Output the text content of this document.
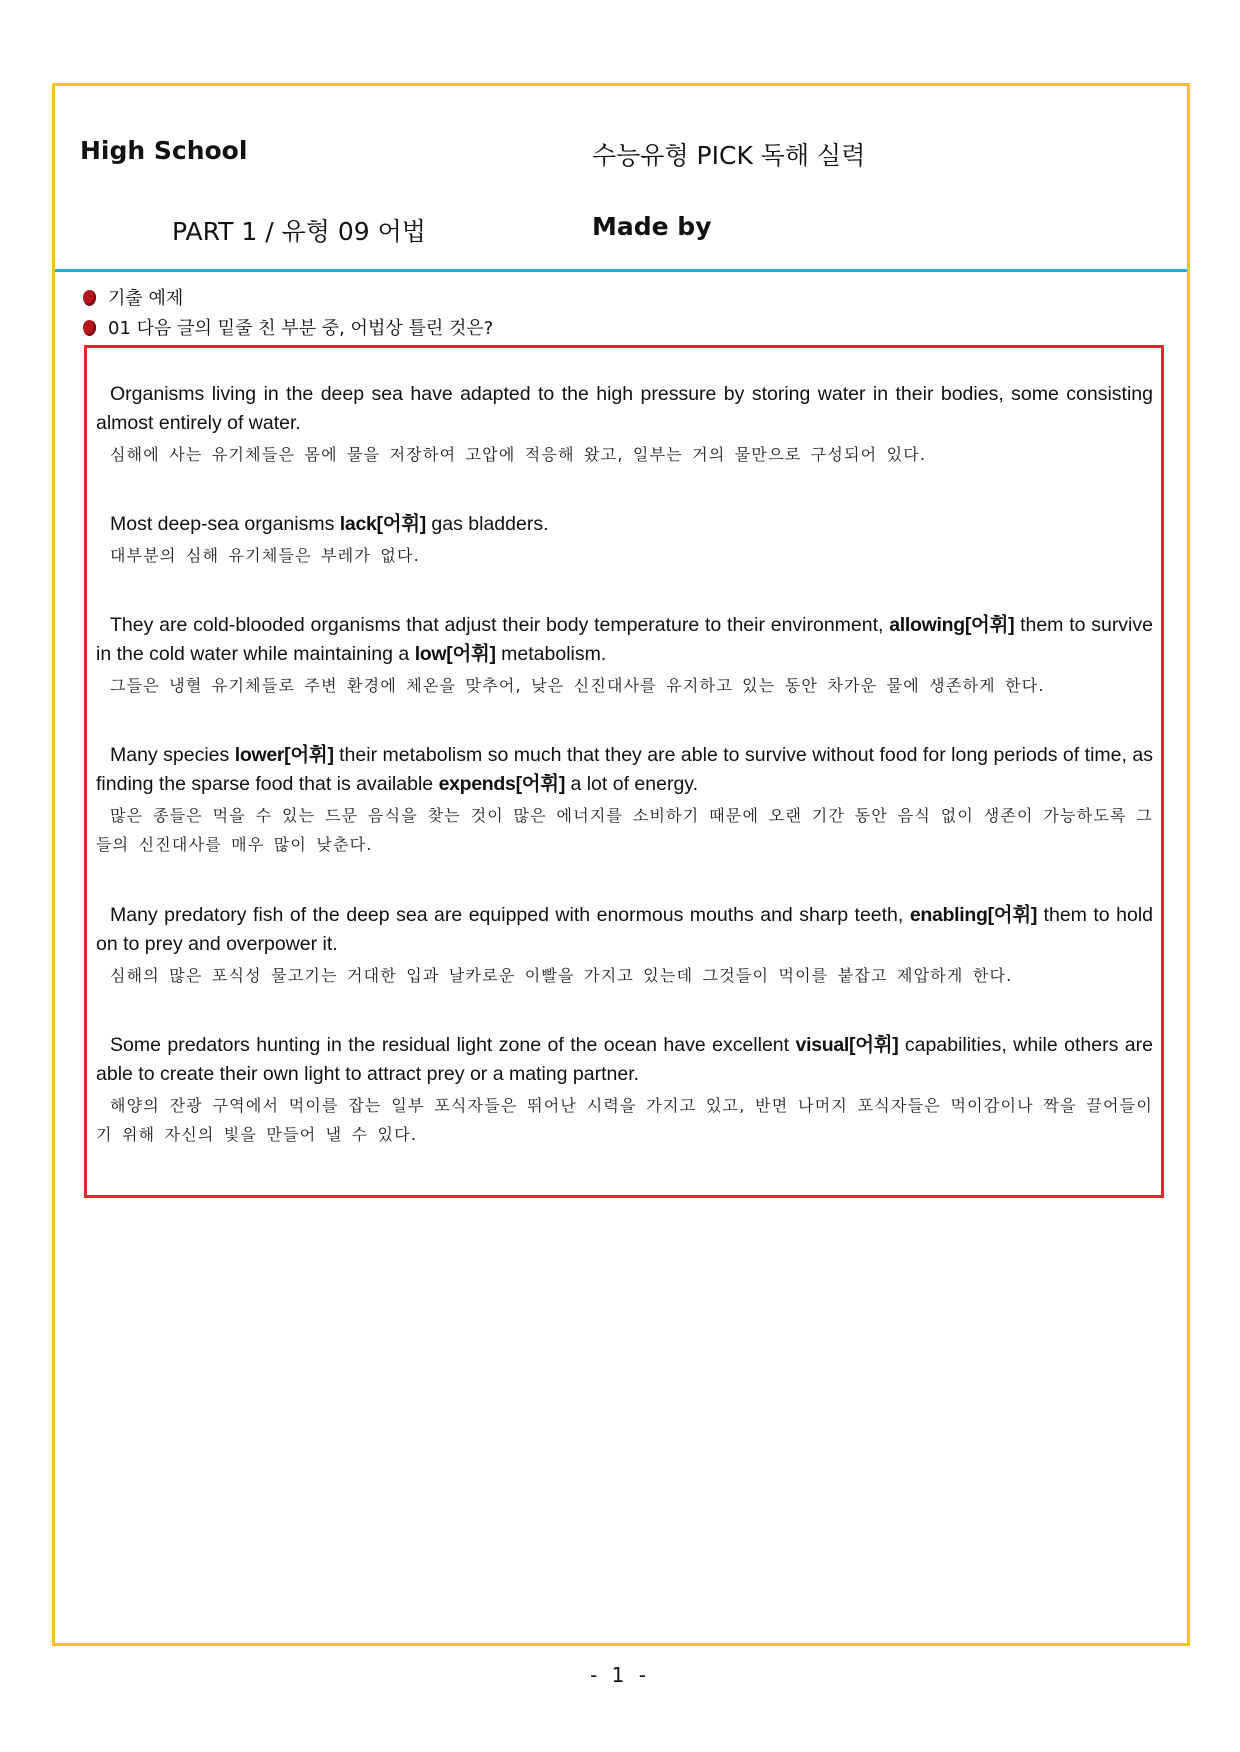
High School	수능유형 PICK 독해 실력
PART 1 / 유형 09 어법	Made by
기출 예제
01 다음 글의 밑줄 친 부분 중, 어법상 틀린 것은?
Organisms living in the deep sea have adapted to the high pressure by storing water in their bodies, some consisting almost entirely of water.
심해에 사는 유기체들은 몸에 물을 저장하여 고압에 적응해 왔고, 일부는 거의 물만으로 구성되어 있다.
Most deep-sea organisms lack[어휘] gas bladders.
대부분의 심해 유기체들은 부레가 없다.
They are cold-blooded organisms that adjust their body temperature to their environment, allowing[어휘] them to survive in the cold water while maintaining a low[어휘] metabolism.
그들은 냉혈 유기체들로 주변 환경에 체온을 맞추어, 낮은 신진대사를 유지하고 있는 동안 차가운 물에 생존하게 한다.
Many species lower[어휘] their metabolism so much that they are able to survive without food for long periods of time, as finding the sparse food that is available expends[어휘] a lot of energy.
많은 종들은 먹을 수 있는 드문 음식을 찾는 것이 많은 에너지를 소비하기 때문에 오랜 기간 동안 음식 없이 생존이 가능하도록 그들의 신진대사를 매우 많이 낮춘다.
Many predatory fish of the deep sea are equipped with enormous mouths and sharp teeth, enabling[어휘] them to hold on to prey and overpower it.
심해의 많은 포식성 물고기는 거대한 입과 날카로운 이빨을 가지고 있는데 그것들이 먹이를 붙잡고 제압하게 한다.
Some predators hunting in the residual light zone of the ocean have excellent visual[어휘] capabilities, while others are able to create their own light to attract prey or a mating partner.
해양의 잔광 구역에서 먹이를 잡는 일부 포식자들은 뛰어난 시력을 가지고 있고, 반면 나머지 포식자들은 먹이감이나 짝을 끌어들이기 위해 자신의 빛을 만들어 낼 수 있다.
- 1 -
